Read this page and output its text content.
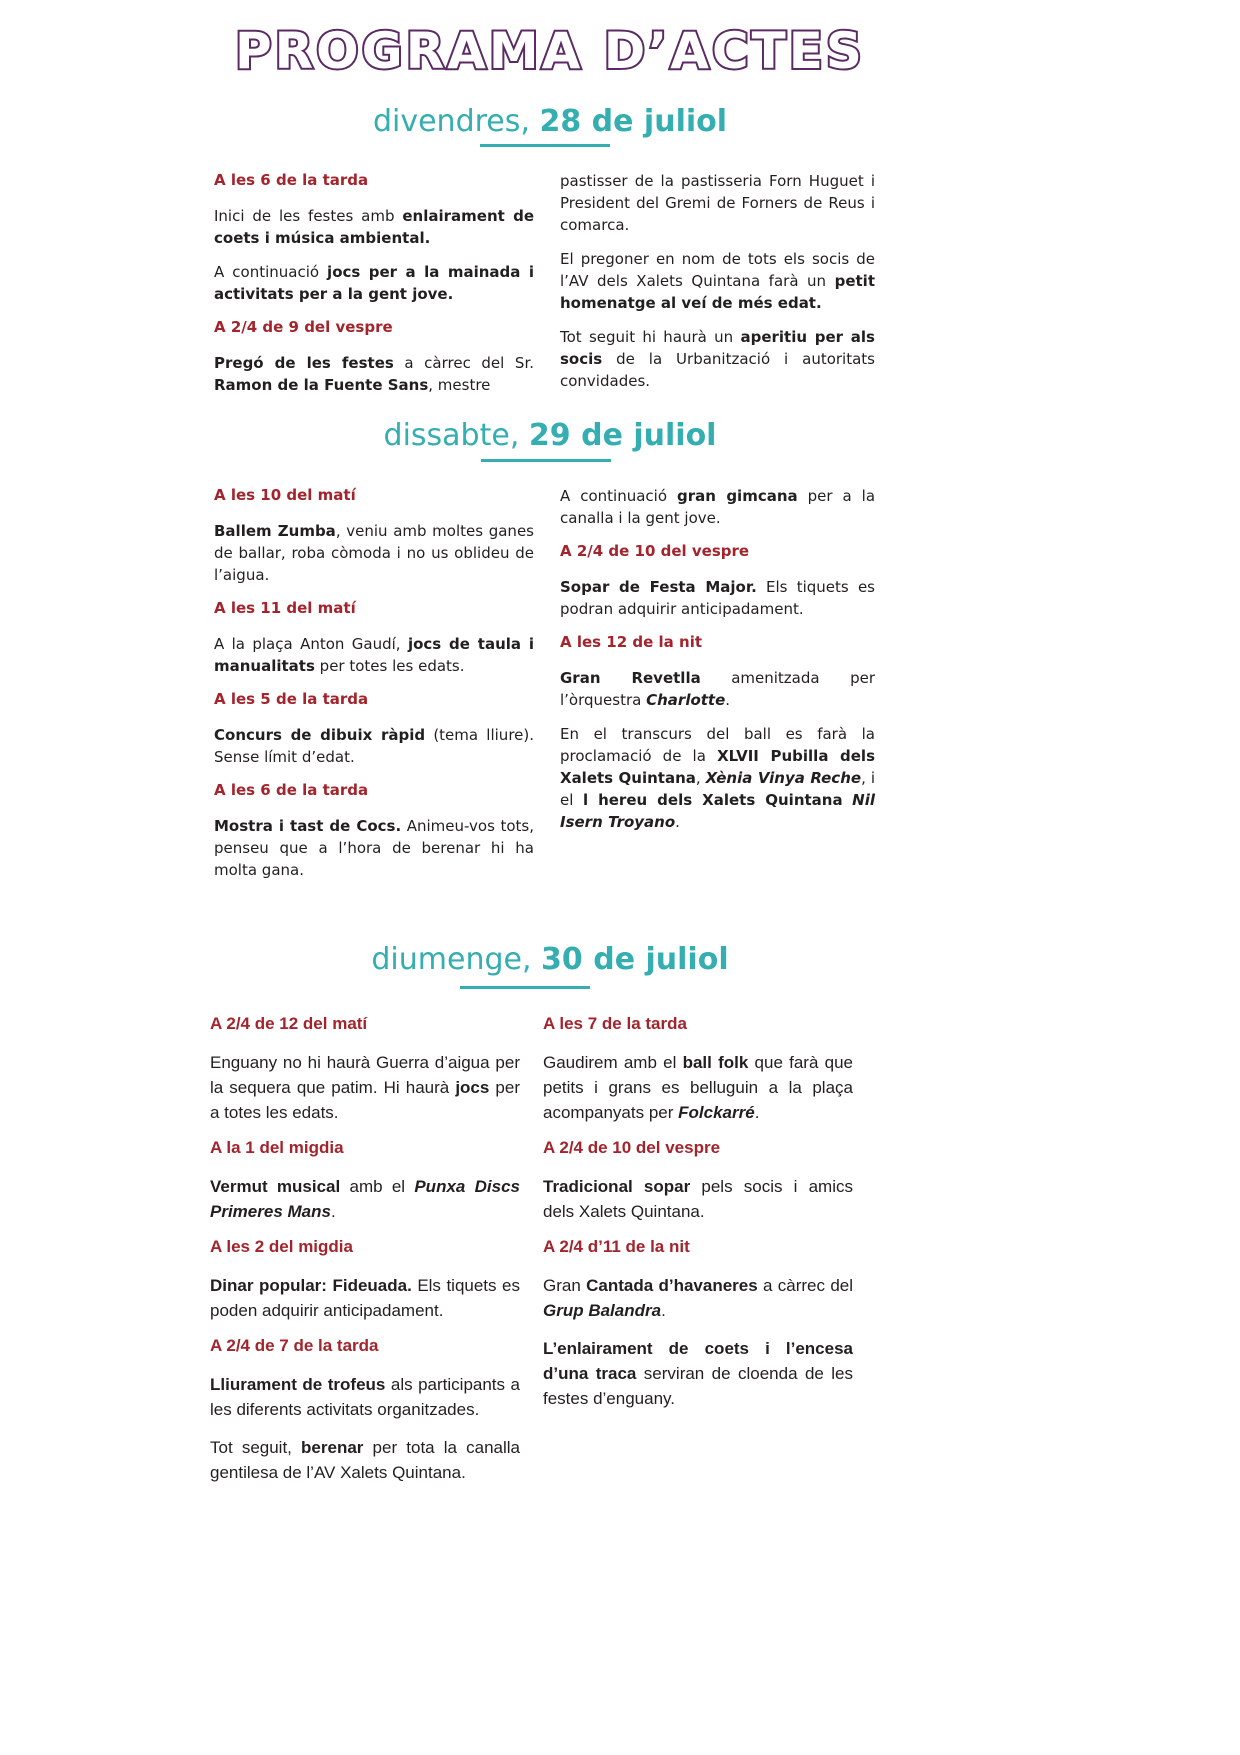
PROGRAMA D’ACTES
divendres, 28 de juliol
A les 6 de la tarda
Inici de les festes amb enlairament de coets i música ambiental.
A continuació jocs per a la mainada i activitats per a la gent jove.
A 2/4 de 9 del vespre
Pregó de les festes a càrrec del Sr. Ramon de la Fuente Sans, mestre
pastisser de la pastisseria Forn Huguet i President del Gremi de Forners de Reus i comarca.
El pregoner en nom de tots els socis de l’AV dels Xalets Quintana farà un petit homenatge al veí de més edat.
Tot seguit hi haurà un aperitiu per als socis de la Urbanització i autoritats convidades.
dissabte, 29 de juliol
A les 10 del matí
Ballem Zumba, veniu amb moltes ganes de ballar, roba còmoda i no us oblideu de l’aigua.
A les 11 del matí
A la plaça Anton Gaudí, jocs de taula i manualitats per totes les edats.
A les 5 de la tarda
Concurs de dibuix ràpid (tema lliure). Sense límit d’edat.
A les 6 de la tarda
Mostra i tast de Cocs. Animeu-vos tots, penseu que a l’hora de berenar hi ha molta gana.
A continuació gran gimcana per a la canalla i la gent jove.
A 2/4 de 10 del vespre
Sopar de Festa Major. Els tiquets es podran adquirir anticipadament.
A les 12 de la nit
Gran Revetlla amenitzada per l’òrquestra Charlotte.
En el transcurs del ball es farà la proclamació de la XLVII Pubilla dels Xalets Quintana, Xènia Vinya Reche, i el l hereu dels Xalets Quintana Nil Isern Troyano.
diumenge, 30 de juliol
A 2/4 de 12 del matí
Enguany no hi haurà Guerra d’aigua per la sequera que patim. Hi haurà jocs per a totes les edats.
A la 1 del migdia
Vermut musical amb el Punxa Discs Primeres Mans.
A les 2 del migdia
Dinar popular: Fideuada. Els tiquets es poden adquirir anticipadament.
A 2/4 de 7 de la tarda
Lliurament de trofeus als participants a les diferents activitats organitzades.
Tot seguit, berenar per tota la canalla gentilesa de l’AV Xalets Quintana.
A les 7 de la tarda
Gaudirem amb el ball folk que farà que petits i grans es belluguin a la plaça acompanyats per Folckarré.
A 2/4 de 10 del vespre
Tradicional sopar pels socis i amics dels Xalets Quintana.
A 2/4 d’11 de la nit
Gran Cantada d’havaneres a càrrec del Grup Balandra.
L’enlairament de coets i l’encesa d’una traca serviran de cloenda de les festes d’enguany.
